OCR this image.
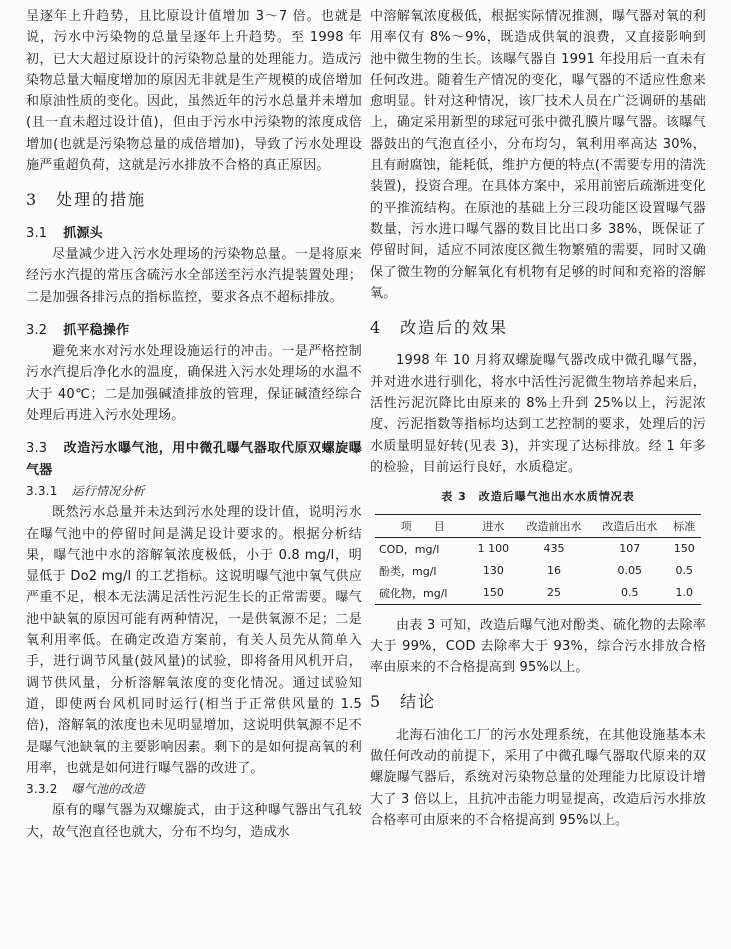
呈逐年上升趋势，且比原设计值增加 3～7 倍。也就是说，污水中污染物的总量呈逐年上升趋势。至 1998 年初，已大大超过原设计的污染物总量的处理能力。造成污染物总量大幅度增加的原因无非就是生产规模的成倍增加和原油性质的变化。因此，虽然近年的污水总量并未增加(且一直未超过设计值)，但由于污水中污染物的浓度成倍增加(也就是污染物总量的成倍增加)，导致了污水处理设施严重超负荷，这就是污水排放不合格的真正原因。

3　处理的措施

3.1 抓源头

尽量减少进入污水处理场的污染物总量。一是将原来经污水汽提的常压含硫污水全部送至污水汽提装置处理；二是加强各排污点的指标监控，要求各点不超标排放。

3.2 抓平稳操作

避免来水对污水处理设施运行的冲击。一是严格控制污水汽提后净化水的温度，确保进入污水处理场的水温不大于 40℃；二是加强碱渣排放的管理，保证碱渣经综合处理后再进入污水处理场。

3.3 改造污水曝气池，用中微孔曝气器取代原双螺旋曝气器

3.3.1 运行情况分析

既然污水总量并未达到污水处理的设计值，说明污水在曝气池中的停留时间是满足设计要求的。根据分析结果，曝气池中水的溶解氧浓度极低，小于 0.8 mg/l，明显低于 Do2 mg/l 的工艺指标。这说明曝气池中氧气供应严重不足，根本无法满足活性污泥生长的正常需要。曝气池中缺氧的原因可能有两种情况，一是供氧源不足；二是氧利用率低。在确定改造方案前，有关人员先从简单入手，进行调节风量(鼓风量)的试验，即将备用风机开启，调节供风量，分析溶解氧浓度的变化情况。通过试验知道，即使两台风机同时运行(相当于正常供风量的 1.5 倍)，溶解氧的浓度也未见明显增加，这说明供氧源不足不是曝气池缺氧的主要影响因素。剩下的是如何提高氧的利用率，也就是如何进行曝气器的改进了。

3.3.2 曝气池的改造

原有的曝气器为双螺旋式，由于这种曝气器出气孔较大，故气泡直径也就大，分布不均匀，造成水

中溶解氧浓度极低，根据实际情况推测，曝气器对氧的利用率仅有 8%～9%，既造成供氧的浪费，又直接影响到池中微生物的生长。该曝气器自 1991 年投用后一直未有任何改进。随着生产情况的变化，曝气器的不适应性愈来愈明显。针对这种情况，该厂技术人员在广泛调研的基础上，确定采用新型的球冠可张中微孔膜片曝气器。该曝气器鼓出的气泡直径小，分布均匀，氧利用率高达 30%，且有耐腐蚀，能耗低，维护方便的特点(不需要专用的清洗装置)，投资合理。在具体方案中，采用前密后疏渐进变化的平推流结构。在原池的基础上分三段功能区设置曝气器数量，污水进口曝气器的数目比出口多 38%，既保证了停留时间，适应不同浓度区微生物繁殖的需要，同时又确保了微生物的分解氧化有机物有足够的时间和充裕的溶解氧。

4　改造后的效果

1998 年 10 月将双螺旋曝气器改成中微孔曝气器，并对进水进行驯化，将水中活性污泥微生物培养起来后，活性污泥沉降比由原来的 8%上升到 25%以上，污泥浓度、污泥指数等指标均达到工艺控制的要求，处理后的污水质量明显好转(见表 3)，并实现了达标排放。经 1 年多的检验，目前运行良好，水质稳定。

表 3　改造后曝气池出水水质情况表

项　　目	进水	改造前出水	改造后出水	标准
COD，mg/l	1 100	435	107	150
酚类，mg/l	130	16	0.05	0.5
硫化物，mg/l	150	25	0.5	1.0

由表 3 可知，改造后曝气池对酚类、硫化物的去除率大于 99%，COD 去除率大于 93%，综合污水排放合格率由原来的不合格提高到 95%以上。

5　结论

北海石油化工厂的污水处理系统，在其他设施基本未做任何改动的前提下，采用了中微孔曝气器取代原来的双螺旋曝气器后，系统对污染物总量的处理能力比原设计增大了 3 倍以上，且抗冲击能力明显提高，改造后污水排放合格率可由原来的不合格提高到 95%以上。
